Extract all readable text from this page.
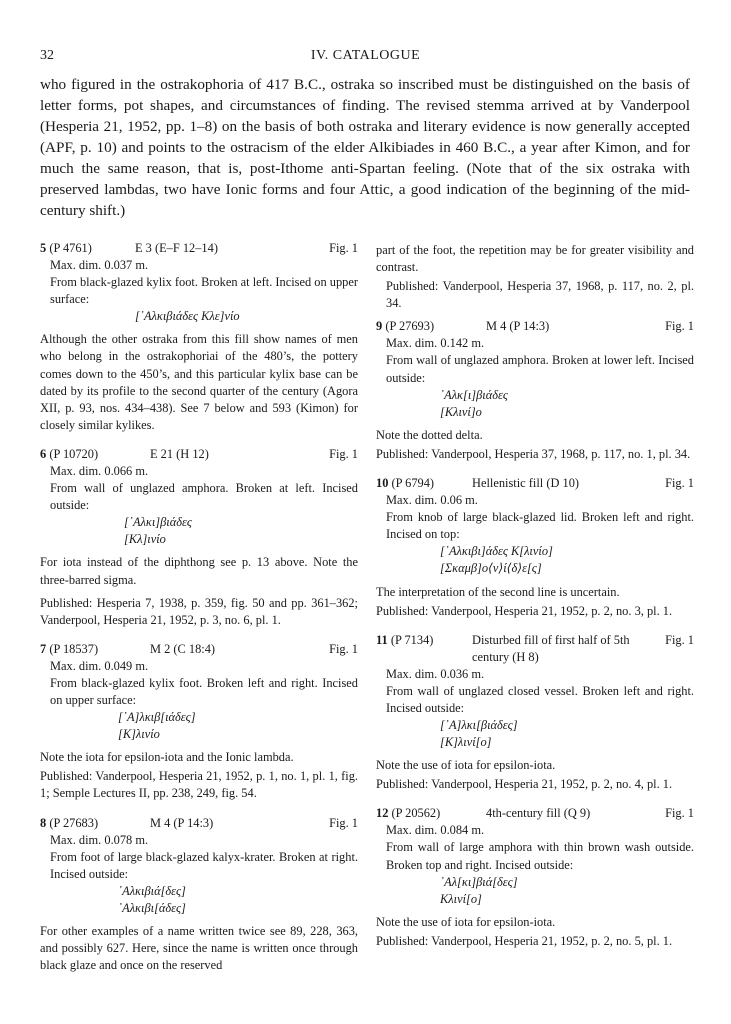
32	IV. CATALOGUE

who figured in the ostrakophoria of 417 B.C., ostraka so inscribed must be distinguished on the basis of letter forms, pot shapes, and circumstances of finding. The revised stemma arrived at by Vanderpool (Hesperia 21, 1952, pp. 1–8) on the basis of both ostraka and literary evidence is now generally accepted (APF, p. 10) and points to the ostracism of the elder Alkibiades in 460 B.C., a year after Kimon, and for much the same reason, that is, post-Ithome anti-Spartan feeling. (Note that of the six ostraka with preserved lambdas, two have Ionic forms and four Attic, a good indication of the beginning of the mid-century shift.)

5 (P 4761)	E 3 (E–F 12–14)	Fig. 1
Max. dim. 0.037 m.
From black-glazed kylix foot. Broken at left. Incised on upper surface:
[᾿Αλκιβιάδες Κλε]νίο
Although the other ostraka from this fill show names of men who belong in the ostrakophoriai of the 480’s, the pottery comes down to the 450’s, and this particular kylix base can be dated by its profile to the second quarter of the century (Agora XII, p. 93, nos. 434–438). See 7 below and 593 (Kimon) for closely similar kylikes.
6 (P 10720)	E 21 (H 12)	Fig. 1
Max. dim. 0.066 m.
From wall of unglazed amphora. Broken at left. Incised outside:
[᾿Αλκι]βιάδες
[Κλ]ινίο
For iota instead of the diphthong see p. 13 above. Note the three-barred sigma.
Published: Hesperia 7, 1938, p. 359, fig. 50 and pp. 361–362; Vanderpool, Hesperia 21, 1952, p. 3, no. 6, pl. 1.
7 (P 18537)	M 2 (C 18:4)	Fig. 1
Max. dim. 0.049 m.
From black-glazed kylix foot. Broken left and right. Incised on upper surface:
[᾿Α]λκιβ[ιάδες]
[Κ]λινίο
Note the iota for epsilon-iota and the Ionic lambda.
Published: Vanderpool, Hesperia 21, 1952, p. 1, no. 1, pl. 1, fig. 1; Semple Lectures II, pp. 238, 249, fig. 54.
8 (P 27683)	M 4 (P 14:3)	Fig. 1
Max. dim. 0.078 m.
From foot of large black-glazed kalyx-krater. Broken at right. Incised outside:
᾿Αλκιβιά[δες]
᾿Αλκιβι[άδες]
For other examples of a name written twice see 89, 228, 363, and possibly 627. Here, since the name is written once through black glaze and once on the reserved
part of the foot, the repetition may be for greater visibility and contrast.
Published: Vanderpool, Hesperia 37, 1968, p. 117, no. 2, pl. 34.
9 (P 27693)	M 4 (P 14:3)	Fig. 1
Max. dim. 0.142 m.
From wall of unglazed amphora. Broken at lower left. Incised outside:
᾿Αλκ[ι]βιάδες
[Κλινί]ο
Note the dotted delta.
Published: Vanderpool, Hesperia 37, 1968, p. 117, no. 1, pl. 34.
10 (P 6794)	Hellenistic fill (D 10)	Fig. 1
Max. dim. 0.06 m.
From knob of large black-glazed lid. Broken left and right. Incised on top:
[᾿Αλκιβι]άδες Κ[λινίο]
[Σκαμβ]ο⟨ν⟩ί⟨δ⟩ε[ς]
The interpretation of the second line is uncertain.
Published: Vanderpool, Hesperia 21, 1952, p. 2, no. 3, pl. 1.
11 (P 7134)	Disturbed fill of first half of 5th century (H 8)
Fig. 1
Max. dim. 0.036 m.
From wall of unglazed closed vessel. Broken left and right. Incised outside:
[᾿Α]λκι[βιάδες]
[Κ]λινί[ο]
Note the use of iota for epsilon-iota.
Published: Vanderpool, Hesperia 21, 1952, p. 2, no. 4, pl. 1.
12 (P 20562)	4th-century fill (Q 9)	Fig. 1
Max. dim. 0.084 m.
From wall of large amphora with thin brown wash outside. Broken top and right. Incised outside:
᾿Αλ[κι]βιά[δες]
Κλινί[ο]
Note the use of iota for epsilon-iota.
Published: Vanderpool, Hesperia 21, 1952, p. 2, no. 5, pl. 1.
